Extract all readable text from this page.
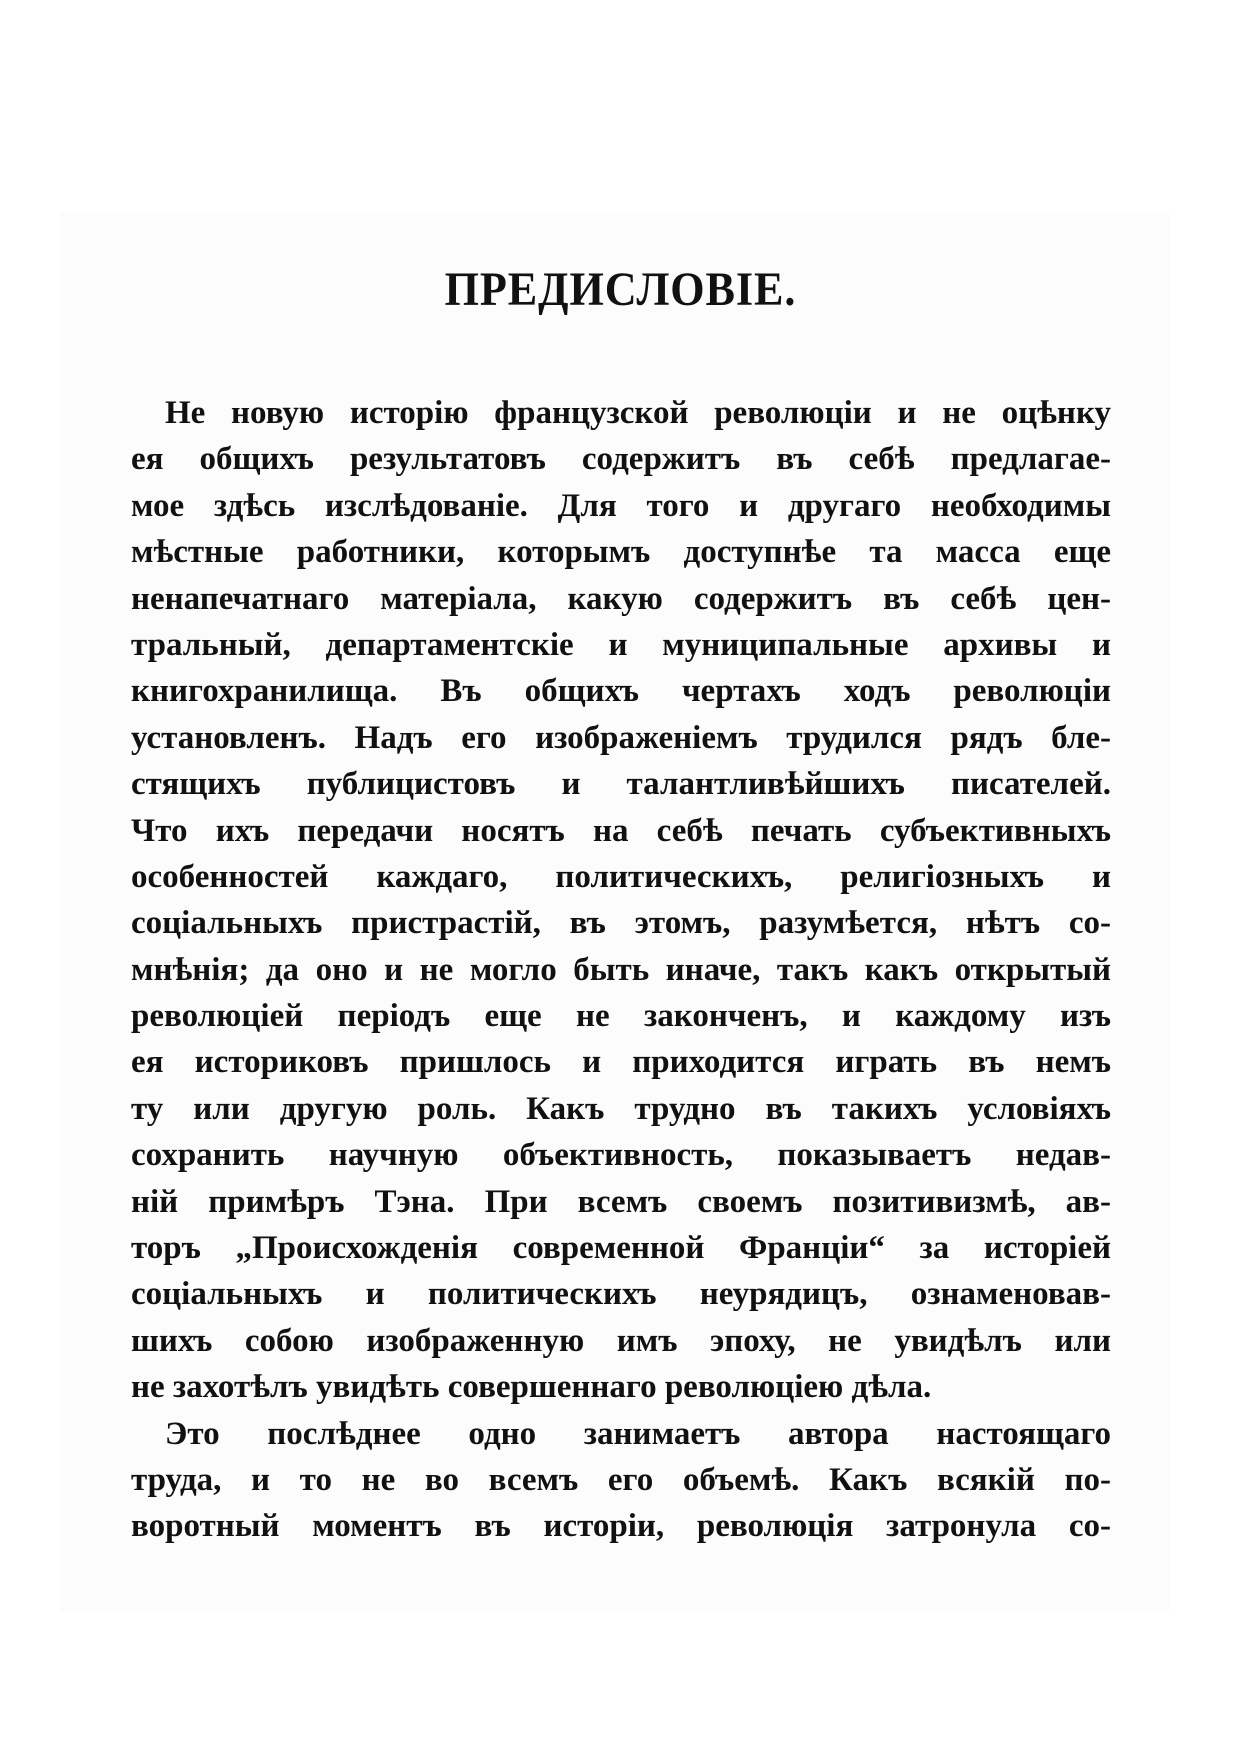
ПРЕДИСЛОВІЕ.
Не новую исторію французской революціи и не оцѣнку
ея общихъ результатовъ содержитъ въ себѣ предлагае-
мое здѣсь изслѣдованіе. Для того и другаго необходимы
мѣстные работники, которымъ доступнѣе та масса еще
ненапечатнаго матеріала, какую содержитъ въ себѣ цен-
тральный, департаментскіе и муниципальные архивы и
книгохранилища. Въ общихъ чертахъ ходъ революціи
установленъ. Надъ его изображеніемъ трудился рядъ бле-
стящихъ публицистовъ и талантливѣйшихъ писателей.
Что ихъ передачи носятъ на себѣ печать субъективныхъ
особенностей каждаго, политическихъ, религіозныхъ и
соціальныхъ пристрастій, въ этомъ, разумѣется, нѣтъ со-
мнѣнія; да оно и не могло быть иначе, такъ какъ открытый
революціей періодъ еще не законченъ, и каждому изъ
ея историковъ пришлось и приходится играть въ немъ
ту или другую роль. Какъ трудно въ такихъ условіяхъ
сохранить научную объективность, показываетъ недав-
ній примѣръ Тэна. При всемъ своемъ позитивизмѣ, ав-
торъ „Происхожденія современной Франціи“ за исторіей
соціальныхъ и политическихъ неурядицъ, ознаменовав-
шихъ собою изображенную имъ эпоху, не увидѣлъ или
не захотѣлъ увидѣть совершеннаго революціею дѣла.
Это послѣднее одно занимаетъ автора настоящаго
труда, и то не во всемъ его объемѣ. Какъ всякій по-
воротный моментъ въ исторіи, революція затронула со-
